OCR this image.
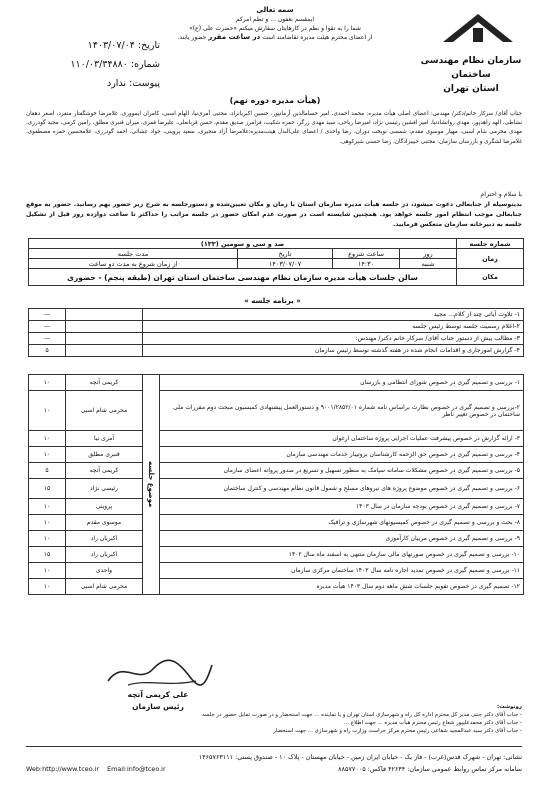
تاریخ: ۱۴۰۳/۰۷/۰۴
شماره: ۱۱۰/۰۳/۳۴۸۸۰
پیوست: ندارد
سمه تعالی
ایمقسم بغفون ... و تظم امرکم
شما را به تقوا و نظم در کارهایتان سفارش میکنم «حضرت علی (ع)»
از اعضای محترم هیئت مدیره تقاضامند است در ساعت مقرر حضور یابند.
سازمان نظام مهندسی ساختمان
استان تهران
(هیأت مدیره دوره نهم)
جناب آقای/ سرکار خانم/دکتر/ مهندس: اعضای اصلی هیأت مدیره: محمد احمدی، امیر حسامالدین آرمانپور، حسین اکبریانراد، مجتبی آمری‌نیا، الهام اسبی، کامران ایمووری، غلامرضا خوشگفتار منفرد، اصغر دهقان نشاطی، الهه زاهدپور، مهدی روانشادنیا، امیر افشین رئیسی نژاد، امیرضا ریاحی، سید مهدی زرگر، حمزه شکیب، فرامرز صدیق مقدم، حسن قربانعلی، علیرضا قمری، میران قنبری مطلق، رامین کرمی، مجید گودرزی، مهدی محرمی شام اسبی، مهیار موسوی مقدم، شمسی نوبخت دوران، رضا واحدی / اعضای علی‌البدل هیئت‌مدیره:غلامرضا آزاد منجیری، سعید پروینی، جواد عشائی، احمد گودرزی، غلامحسین حمزه مصطفوی، غلامرضا لشگری و بازرسان سازمان: مجتبی حبیبزادگان، رضا حسنی شیرکوهی.
با سلام و احترام
بدینوسیله از جنابعالی دعوت میشود، در جلسه هیأت مدیره سازمان استان با زمان و مکان تعیین‌شده و دستورجلسه به شرح زیر حضور بهم رسانید. حضور به موقع جنابعالی موجب انتظام امور جلسه خواهد بود. همچنین شایسته است در صورت عدم امکان حضور در جلسه مراتب را حداکثر تا ساعت دوازده روز قبل از تشکیل جلسه به دبیرخانه سازمان متعکس فرمایید.
شماره جلسه	صد و سی و سومین (۱۳۳)			
زمان	روز	ساعت شروع	تاریخ	مدت جلسه
	شنبه	۱۴:۳۰	۱۴۰۳/۰۷/۰۷	از زمان شروع به مدت دو ساعت
مکان	سالن جلسات هیأت مدیره سازمان نظام مهندسی ساختمان استان تهران (طبقه پنجم) - حضوری			
« برنامه جلسه »
۱- تلاوت آیاتی چند از کلام... مجید		—
۲-اعلام رسمیت جلسه توسط رئیس جلسه		—
۳- مطالب پیش از دستور جناب آقای/ سرکار خانم دکتر/ مهندس:		—
۴- گزارش امورجاری و اقدامات انجام شده در هفته گذشته توسط رئیس سازمان		۵
۱- بررسی و تصمیم گیری در خصوص شورای انتظامی و بازرسان	موضوع جلسه	کریمی آتچه	۱۰
۲-بررسی و تصمیم گیری در خصوص نظارت براساس نامه شماره ۹۰۰۱/۲۸۵۲/۰۱ و دستورالعمل پیشنهادی کمیسیون مبحث دوم مقررات ملی ساختمان در خصوص تغییر ناظر		محرمی شام اسبی	۱۰
۳- ارائه گزارش در خصوص پیشرفت عملیات اجرایی پروژه ساختمان ارغوان		آمری نیا	۱۰
۴- بررسی و تصمیم گیری در خصوص حق الزحمه کارشناسان بروتیبار خدمات مهندسی سازمان		قنبری مطلق	۱۰
۵- بررسی و تصمیم گیری در خصوص مشکلات سامانه سپامک به منظور تسهیل و تسریع در صدور پروانه اعضای سازمان		کریمی آتچه	۵
۶- بررسی و تصمیم گیری در خصوص موضوع پروژه های نیروهای مسلح و شمول قانون نظام مهندسی و کنترل ساختمان		رئیسی نژاد	۱۵
۷- بررسی و تصمیم گیری در خصوص بودجه سازمان در سال ۱۴۰۳		پروینی	۱۰
۸- بحث و بررسی و تصمیم گیری در خصوص کمیسیونهای شهرسازی و ترافیک		موسوی مقدم	۱۰
۹- بررسی و تصمیم گیری در خصوص مربیان کارآموزی		اکبریان راد	۱۰
۱۰- بررسی و تصمیم گیری در خصوص صورتهای مالی سازمان منتهی به اسفند ماه سال ۱۴۰۲		اکبریان راد	۱۵
۱۱- بررسی و تصمیم گیری در خصوص تمدید اجاره نامه سال ۱۴۰۳ ساختمان مرکزی سازمان		واحدی	۱۰
۱۲- تصمیم گیری در خصوص تقویم جلسات شش ماهه دوم سال ۱۴۰۳ هیأت مدیره		محرمی شام اسبی	۱۰
علی کریمی آتچه
رئیس سازمان	رونوشت:
- جناب آقای دکتر جنتی مدیر کل محترم اداره کل راه و شهرسازی استان تهران و یا نماینده ... جهت استحضار و در صورت تمایل حضور در جلسه
- جناب آقای دکتر محمدعلیپور شعاع رئیس محترم هیأت مدیره ... جهت اطلاع ...
- جناب آقای دکتر سید عبدالمجید شفاعی رئیس محترم مرکز حراست وزارت راه و شهرسازی ... جهت استحضار
نشانی: تهران - شهرک قدس(غرب) - فاز یک - خیابان ایران زمین - خیابان مهستان - پلاک ۱۰ - صندوق پستی: ۱۴۶۵۷۶۳۱۱۱
سامانه مرکز تماس روابط عمومی سازمان: ۴۲۶۴۴ فاکس: ۸۸۵۷۷۰۰۵
Web:http://www.tceo.ir Email:info@tceo.ir
